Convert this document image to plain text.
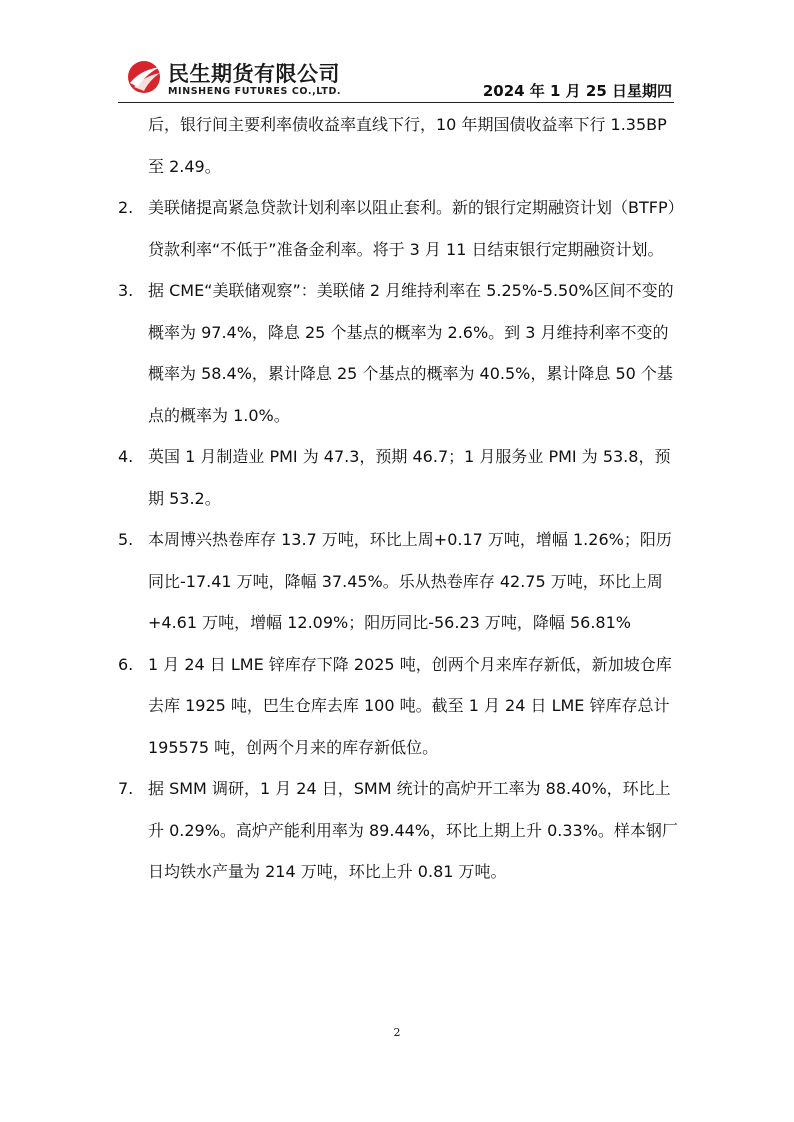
民生期货有限公司
MINSHENG FUTURES CO.,LTD.	2024 年 1 月 25 日星期四
后，银行间主要利率债收益率直线下行，10 年期国债收益率下行 1.35BP 至 2.49。
2. 美联储提高紧急贷款计划利率以阻止套利。新的银行定期融资计划（BTFP）贷款利率“不低于”准备金利率。将于 3 月 11 日结束银行定期融资计划。
3. 据 CME“美联储观察”：美联储 2 月维持利率在 5.25%-5.50%区间不变的概率为 97.4%，降息 25 个基点的概率为 2.6%。到 3 月维持利率不变的概率为 58.4%，累计降息 25 个基点的概率为 40.5%，累计降息 50 个基点的概率为 1.0%。
4. 英国 1 月制造业 PMI 为 47.3，预期 46.7；1 月服务业 PMI 为 53.8，预期 53.2。
5. 本周博兴热卷库存 13.7 万吨，环比上周+0.17 万吨，增幅 1.26%；阳历同比-17.41 万吨，降幅 37.45%。乐从热卷库存 42.75 万吨，环比上周+4.61 万吨，增幅 12.09%；阳历同比-56.23 万吨，降幅 56.81%
6. 1 月 24 日 LME 锌库存下降 2025 吨，创两个月来库存新低，新加坡仓库去库 1925 吨，巴生仓库去库 100 吨。截至 1 月 24 日 LME 锌库存总计 195575 吨，创两个月来的库存新低位。
7. 据 SMM 调研，1 月 24 日，SMM 统计的高炉开工率为 88.40%，环比上升 0.29%。高炉产能利用率为 89.44%，环比上期上升 0.33%。样本钢厂日均铁水产量为 214 万吨，环比上升 0.81 万吨。
2
